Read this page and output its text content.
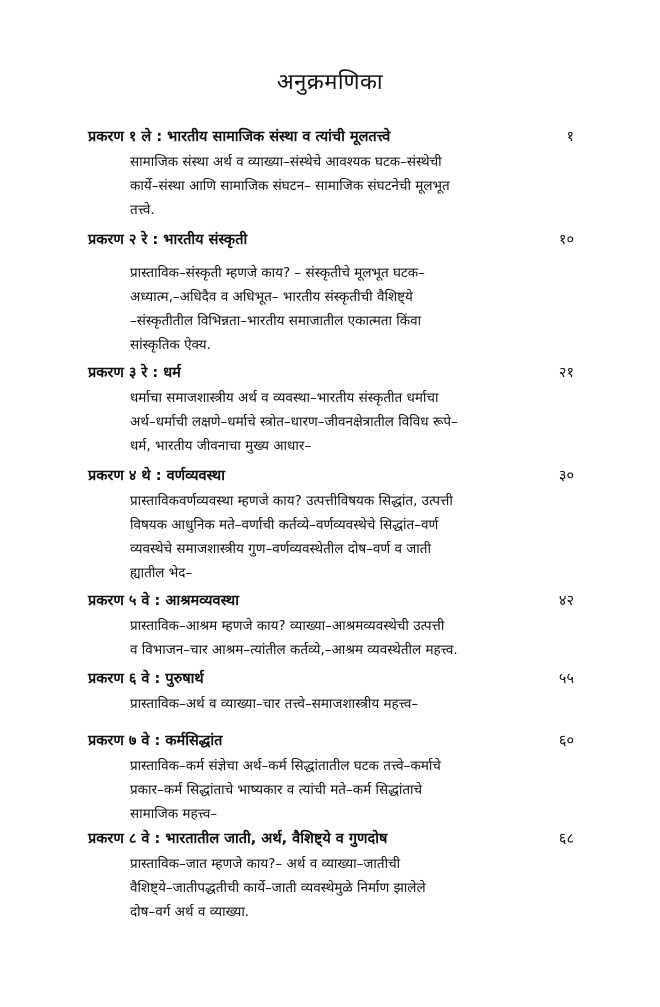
अनुक्रमणिका
प्रकरण १ ले : भारतीय सामाजिक संस्था व त्यांची मूलतत्त्वे	१

सामाजिक संस्था अर्थ व व्याख्या–संस्थेचे आवश्यक घटक–संस्थेची
कार्ये–संस्था आणि सामाजिक संघटन– सामाजिक संघटनेची मूलभूत
तत्त्वे.

प्रकरण २ रे : भारतीय संस्कृती	१०

प्रास्ताविक–संस्कृती म्हणजे काय? – संस्कृतीचे मूलभूत घटक–
अध्यात्म,–अधिदैव व अधिभूत– भारतीय संस्कृतीची वैशिष्ट्ये
–संस्कृतीतील विभिन्नता–भारतीय समाजातील एकात्मता किंवा
सांस्कृतिक ऐक्य.

प्रकरण ३ रे : धर्म	२१

धर्माचा समाजशास्त्रीय अर्थ व व्यवस्था–भारतीय संस्कृतीत धर्माचा
अर्थ–धर्माची लक्षणे–धर्माचे स्त्रोत–धारण–जीवनक्षेत्रातील विविध रूपे–
धर्म, भारतीय जीवनाचा मुख्य आधार–

प्रकरण ४ थे : वर्णव्यवस्था	३०

प्रास्ताविकवर्णव्यवस्था म्हणजे काय? उत्पत्तीविषयक सिद्धांत, उत्पत्ती
विषयक आधुनिक मते–वर्णाची कर्तव्ये–वर्णव्यवस्थेचे सिद्धांत–वर्ण
व्यवस्थेचे समाजशास्त्रीय गुण–वर्णव्यवस्थेतील दोष–वर्ण व जाती
ह्यातील भेद–

प्रकरण ५ वे : आश्रमव्यवस्था	४२

प्रास्ताविक–आश्रम म्हणजे काय? व्याख्या–आश्रमव्यवस्थेची उत्पत्ती
व विभाजन–चार आश्रम–त्यांतील कर्तव्ये,–आश्रम व्यवस्थेतील महत्त्व.

प्रकरण ६ वे : पुरुषार्थ	५५

प्रास्ताविक–अर्थ व व्याख्या–चार तत्त्वे–समाजशास्त्रीय महत्त्व–

प्रकरण ७ वे : कर्मसिद्धांत	६०

प्रास्ताविक–कर्म संज्ञेचा अर्थ–कर्म सिद्धांतातील घटक तत्त्वे–कर्माचे
प्रकार–कर्म सिद्धांताचे भाष्यकार व त्यांची मते–कर्म सिद्धांताचे
सामाजिक महत्त्व–

प्रकरण ८ वे : भारतातील जाती, अर्थ, वैशिष्ट्ये व गुणदोष	६८

प्रास्ताविक–जात म्हणजे काय?– अर्थ व व्याख्या–जातीची
वैशिष्ट्ये–जातीपद्धतीची कार्ये–जाती व्यवस्थेमुळे निर्माण झालेले
दोष–वर्ग अर्थ व व्याख्या.
